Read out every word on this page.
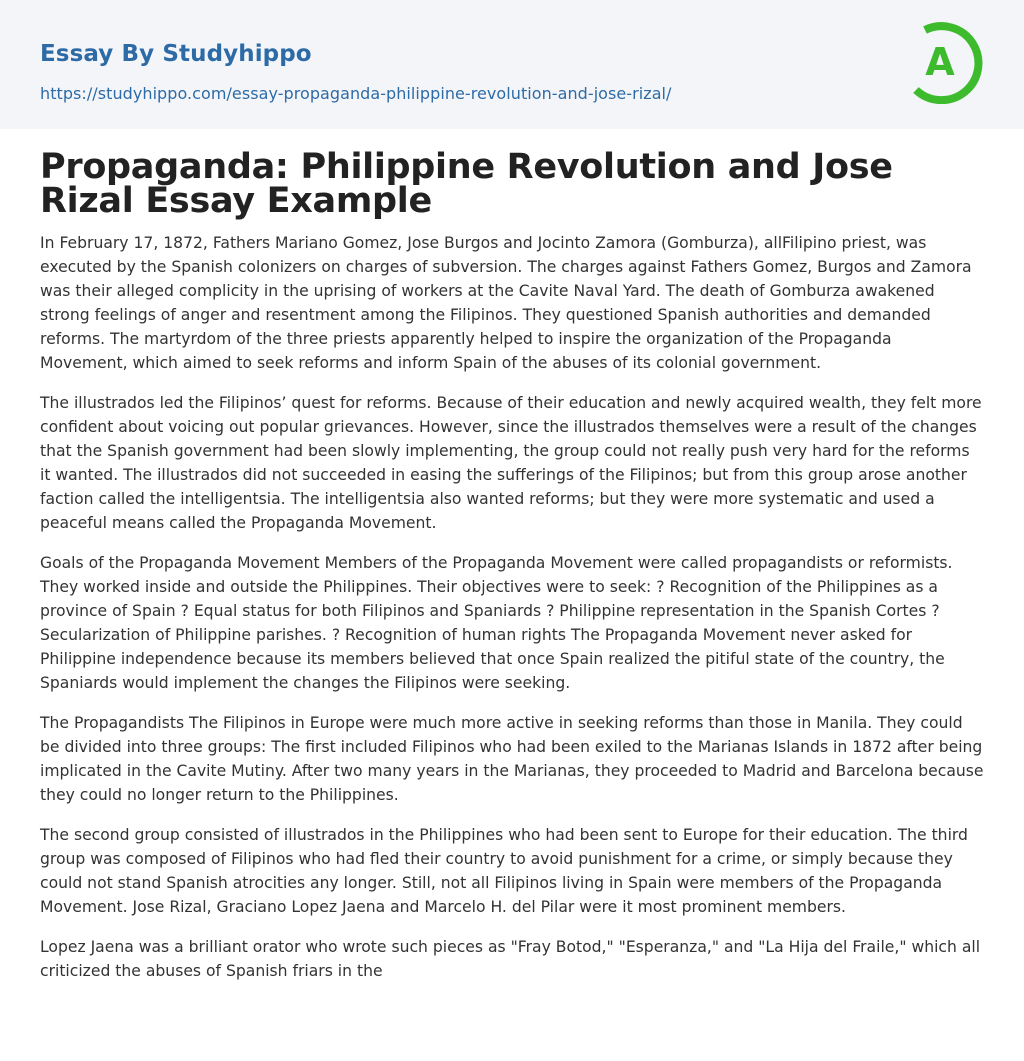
Essay By Studyhippo
https://studyhippo.com/essay-propaganda-philippine-revolution-and-jose-rizal/
A
Propaganda: Philippine Revolution and Jose Rizal Essay Example

In February 17, 1872, Fathers Mariano Gomez, Jose Burgos and Jocinto Zamora (Gomburza), allFilipino priest, was executed by the Spanish colonizers on charges of subversion. The charges against Fathers Gomez, Burgos and Zamora was their alleged complicity in the uprising of workers at the Cavite Naval Yard. The death of Gomburza awakened strong feelings of anger and resentment among the Filipinos. They questioned Spanish authorities and demanded reforms. The martyrdom of the three priests apparently helped to inspire the organization of the Propaganda Movement, which aimed to seek reforms and inform Spain of the abuses of its colonial government.

The illustrados led the Filipinos’ quest for reforms. Because of their education and newly acquired wealth, they felt more confident about voicing out popular grievances. However, since the illustrados themselves were a result of the changes that the Spanish government had been slowly implementing, the group could not really push very hard for the reforms it wanted. The illustrados did not succeeded in easing the sufferings of the Filipinos; but from this group arose another faction called the intelligentsia. The intelligentsia also wanted reforms; but they were more systematic and used a peaceful means called the Propaganda Movement.

Goals of the Propaganda Movement Members of the Propaganda Movement were called propagandists or reformists. They worked inside and outside the Philippines. Their objectives were to seek: ? Recognition of the Philippines as a province of Spain ? Equal status for both Filipinos and Spaniards ? Philippine representation in the Spanish Cortes ? Secularization of Philippine parishes. ? Recognition of human rights The Propaganda Movement never asked for Philippine independence because its members believed that once Spain realized the pitiful state of the country, the Spaniards would implement the changes the Filipinos were seeking.

The Propagandists The Filipinos in Europe were much more active in seeking reforms than those in Manila. They could be divided into three groups: The first included Filipinos who had been exiled to the Marianas Islands in 1872 after being implicated in the Cavite Mutiny. After two many years in the Marianas, they proceeded to Madrid and Barcelona because they could no longer return to the Philippines.

The second group consisted of illustrados in the Philippines who had been sent to Europe for their education. The third group was composed of Filipinos who had fled their country to avoid punishment for a crime, or simply because they could not stand Spanish atrocities any longer. Still, not all Filipinos living in Spain were members of the Propaganda Movement. Jose Rizal, Graciano Lopez Jaena and Marcelo H. del Pilar were it most prominent members.

Lopez Jaena was a brilliant orator who wrote such pieces as "Fray Botod," "Esperanza," and "La Hija del Fraile," which all criticized the abuses of Spanish friars in the
